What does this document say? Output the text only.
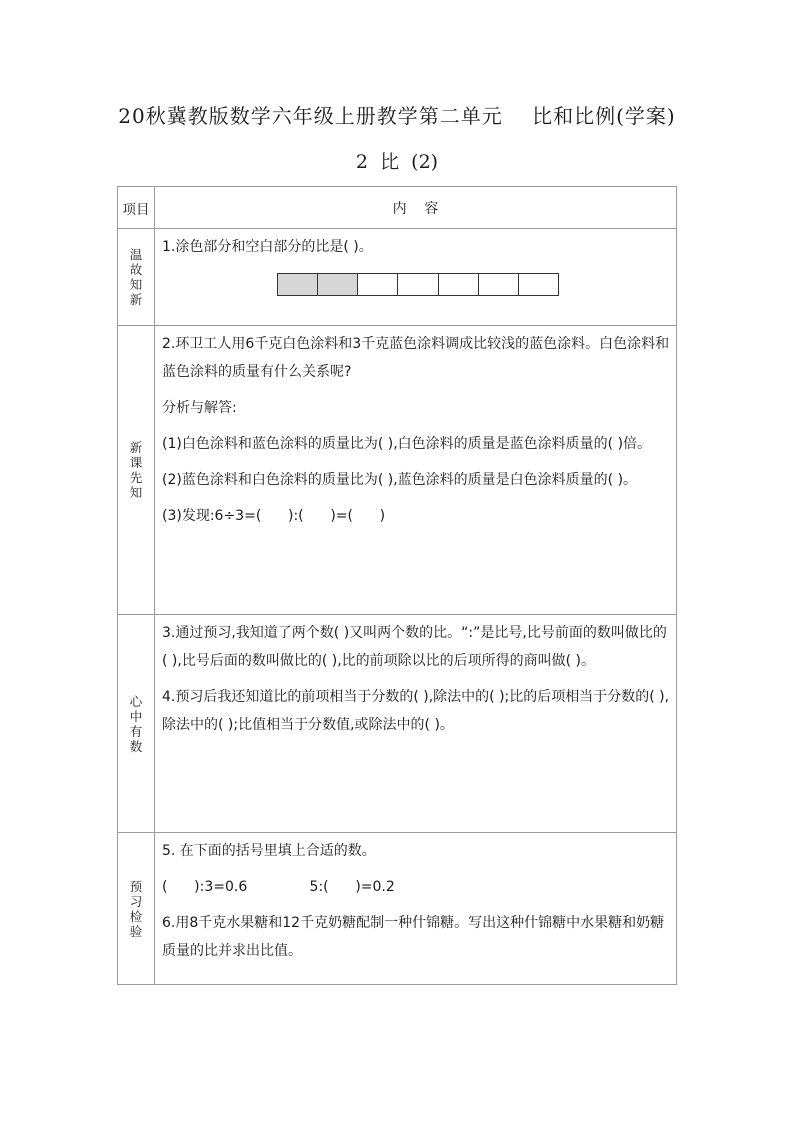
20秋冀教版数学六年级上册教学第二单元    比和比例(学案)
2  比  (2)
项目	内    容
温故知新	1.涂色部分和空白部分的比是( )。

新课先知	2.环卫工人用6千克白色涂料和3千克蓝色涂料调成比较浅的蓝色涂料。白色涂料和蓝色涂料的质量有什么关系呢?
分析与解答:
(1)白色涂料和蓝色涂料的质量比为( ),白色涂料的质量是蓝色涂料质量的( )倍。
(2)蓝色涂料和白色涂料的质量比为( ),蓝色涂料的质量是白色涂料质量的( )。
(3)发现:6÷3=(      ):(      )=(      )

心中有数	3.通过预习,我知道了两个数( )又叫两个数的比。“:”是比号,比号前面的数叫做比的( ),比号后面的数叫做比的( ),比的前项除以比的后项所得的商叫做( )。
4.预习后我还知道比的前项相当于分数的( ),除法中的( );比的后项相当于分数的( ),除法中的( );比值相当于分数值,或除法中的( )。

预习检验	5. 在下面的括号里填上合适的数。
(      ):3=0.6              5:(      )=0.2
6.用8千克水果糖和12千克奶糖配制一种什锦糖。写出这种什锦糖中水果糖和奶糖质量的比并求出比值。
